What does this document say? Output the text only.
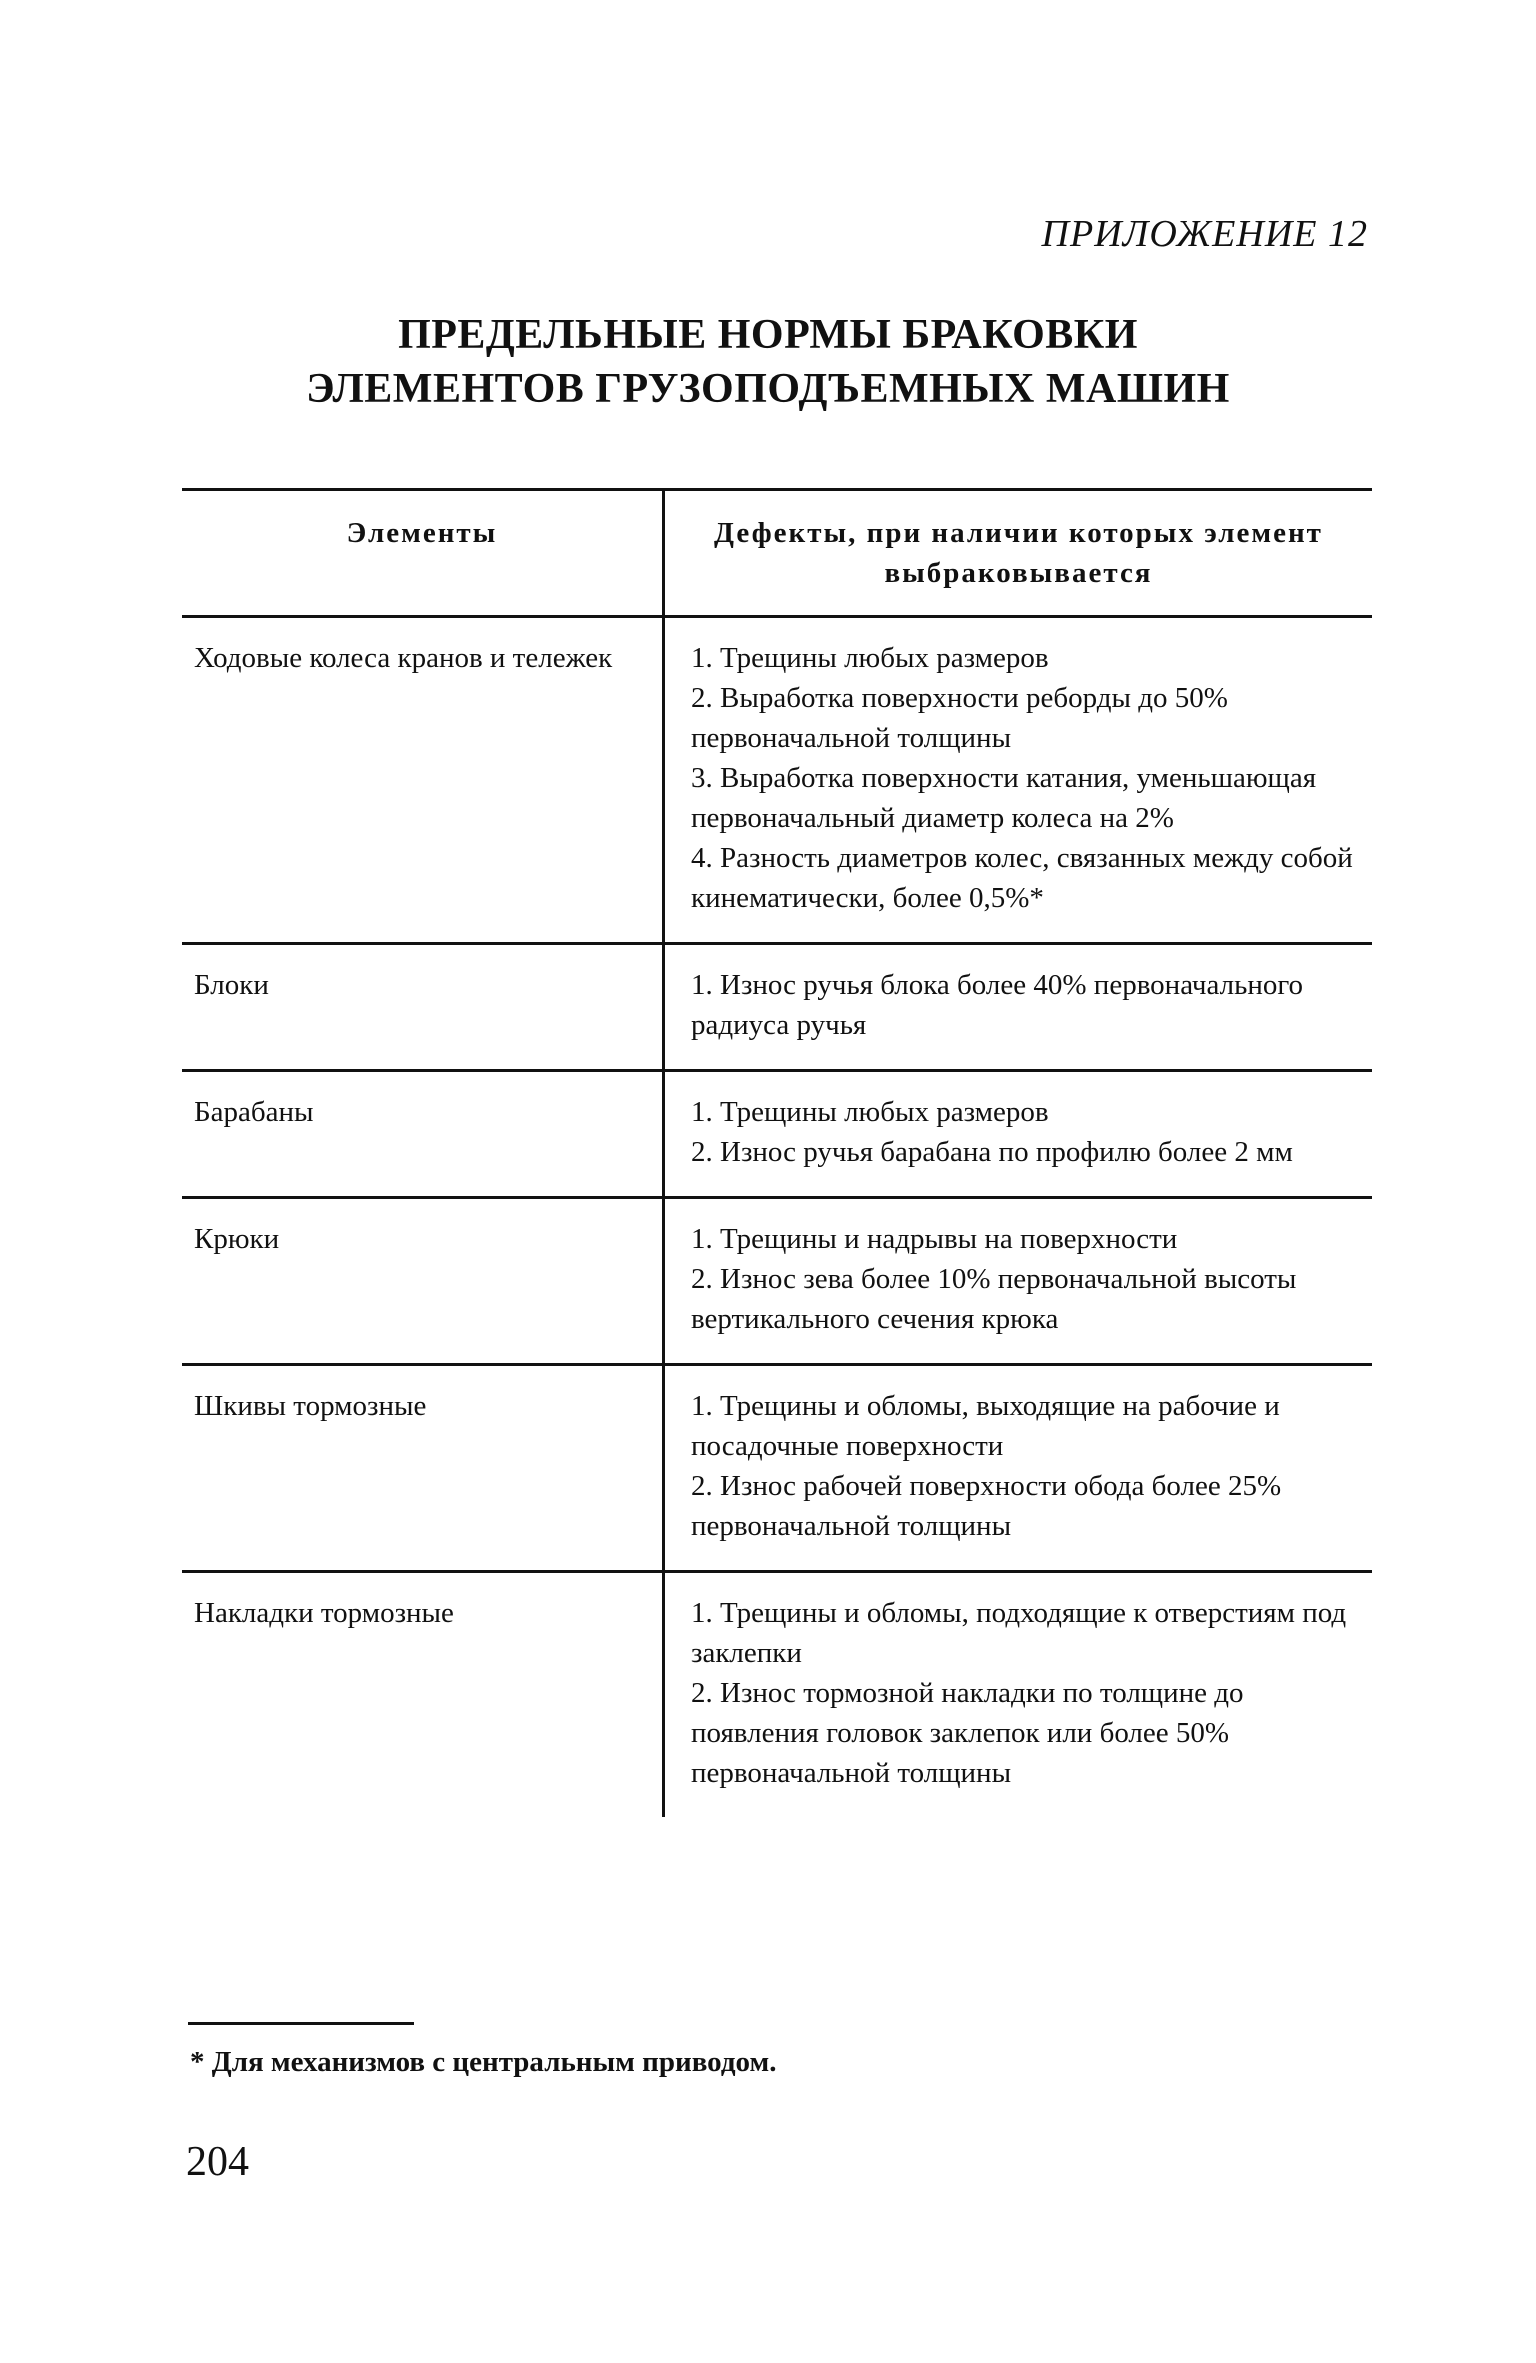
ПРИЛОЖЕНИЕ 12
ПРЕДЕЛЬНЫЕ НОРМЫ БРАКОВКИ
ЭЛЕМЕНТОВ ГРУЗОПОДЪЕМНЫХ МАШИН
Элементы	Дефекты, при наличии которых элемент выбраковывается
Ходовые колеса кранов и тележек	1. Трещины любых размеров
2. Выработка поверхности реборды до 50% первоначальной толщины
3. Выработка поверхности катания, уменьшающая первоначальный диаметр колеса на 2%
4. Разность диаметров колес, связанных между собой кинематически, более 0,5%*
Блоки	1. Износ ручья блока более 40% первоначального радиуса ручья
Барабаны	1. Трещины любых размеров
2. Износ ручья барабана по профилю более 2 мм
Крюки	1. Трещины и надрывы на поверхности
2. Износ зева более 10% первоначальной высоты вертикального сечения крюка
Шкивы тормозные	1. Трещины и обломы, выходящие на рабочие и посадочные поверхности
2. Износ рабочей поверхности обода более 25% первоначальной толщины
Накладки тормозные	1. Трещины и обломы, подходящие к отверстиям под заклепки
2. Износ тормозной накладки по толщине до появления головок заклепок или более 50% первоначальной толщины
* Для механизмов с центральным приводом.
204
